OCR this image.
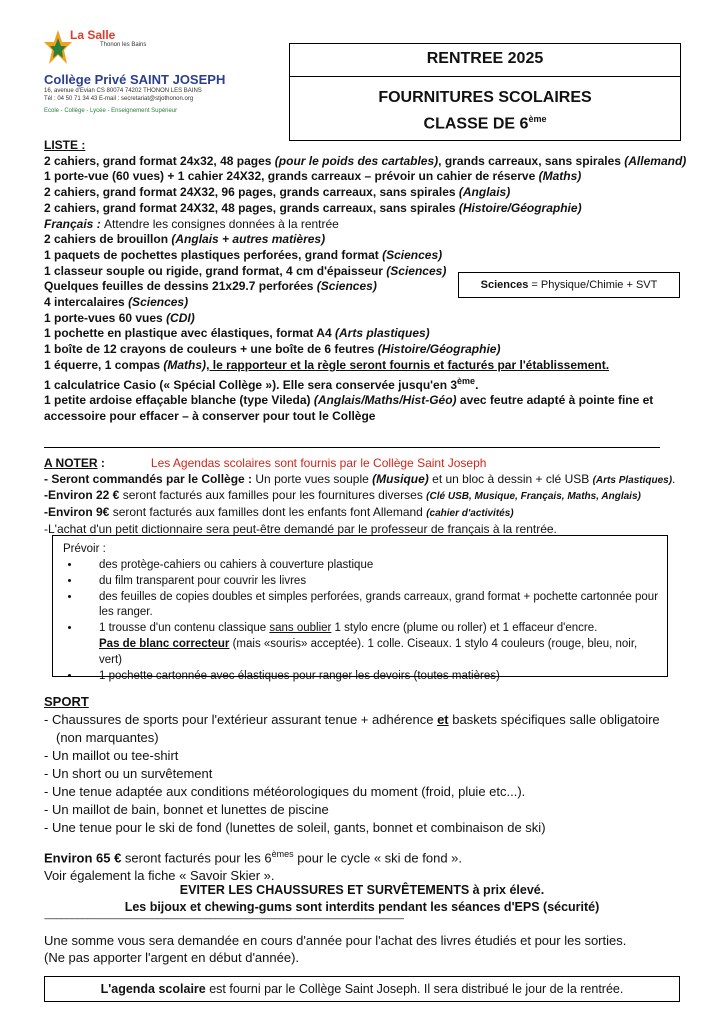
La Salle
Thonon les Bains
Collège Privé SAINT JOSEPH
16, avenue d'Evian CS 80074 74202 THONON LES BAINS
Tél : 04 50 71 34 43 E-mail : secretariat@stjothonon.org
Ecole - Collège - Lycée - Enseignement Supérieur
RENTREE 2025
FOURNITURES SCOLAIRES
CLASSE DE 6ème
LISTE :
2 cahiers, grand format 24x32, 48 pages (pour le poids des cartables), grands carreaux, sans spirales (Allemand)
1 porte-vue (60 vues) + 1 cahier 24X32, grands carreaux – prévoir un cahier de réserve (Maths)
2 cahiers, grand format 24X32, 96 pages, grands carreaux, sans spirales (Anglais)
2 cahiers, grand format 24X32, 48 pages, grands carreaux, sans spirales (Histoire/Géographie)
Français : Attendre les consignes données à la rentrée
2 cahiers de brouillon (Anglais + autres matières)
1 paquets de pochettes plastiques perforées, grand format (Sciences)
1 classeur souple ou rigide, grand format, 4 cm d'épaisseur (Sciences)
Quelques feuilles de dessins 21x29.7 perforées (Sciences)
4 intercalaires (Sciences)
1 porte-vues 60 vues (CDI)
1 pochette en plastique avec élastiques, format A4 (Arts plastiques)
1 boîte de 12 crayons de couleurs + une boîte de 6 feutres (Histoire/Géographie)
1 équerre, 1 compas (Maths), le rapporteur et la règle seront fournis et facturés par l'établissement.
1 calculatrice Casio (« Spécial Collège »). Elle sera conservée jusqu'en 3ème.
1 petite ardoise effaçable blanche (type Vileda) (Anglais/Maths/Hist-Géo) avec feutre adapté à pointe fine et
accessoire pour effacer – à conserver pour tout le Collège
Sciences = Physique/Chimie + SVT
A NOTER :	Les Agendas scolaires sont fournis par le Collège Saint Joseph
- Seront commandés par le Collège : Un porte vues souple (Musique) et un bloc à dessin + clé USB (Arts Plastiques).
-Environ 22 € seront facturés aux familles pour les fournitures diverses (Clé USB, Musique, Français, Maths, Anglais)
-Environ 9€ seront facturés aux familles dont les enfants font Allemand (cahier d'activités)
-L'achat d'un petit dictionnaire sera peut-être demandé par le professeur de français à la rentrée.
Prévoir :
• des protège-cahiers ou cahiers à couverture plastique
• du film transparent pour couvrir les livres
• des feuilles de copies doubles et simples perforées, grands carreaux, grand format + pochette cartonnée pour les ranger.
• 1 trousse d'un contenu classique sans oublier 1 stylo encre (plume ou roller) et 1 effaceur d'encre.
Pas de blanc correcteur (mais «souris» acceptée). 1 colle. Ciseaux. 1 stylo 4 couleurs (rouge, bleu, noir, vert)
• 1 pochette cartonnée avec élastiques pour ranger les devoirs (toutes matières)
SPORT
- Chaussures de sports pour l'extérieur assurant tenue + adhérence et baskets spécifiques salle obligatoire
(non marquantes)
- Un maillot ou tee-shirt
- Un short ou un survêtement
- Une tenue adaptée aux conditions météorologiques du moment (froid, pluie etc...).
- Un maillot de bain, bonnet et lunettes de piscine
- Une tenue pour le ski de fond (lunettes de soleil, gants, bonnet et combinaison de ski)
Environ 65 € seront facturés pour les 6èmes pour le cycle « ski de fond ».
Voir également la fiche « Savoir Skier ».
EVITER LES CHAUSSURES ET SURVÊTEMENTS à prix élevé.
Les bijoux et chewing-gums sont interdits pendant les séances d'EPS (sécurité)
------------------------------------------------------------------------------------------------------------------------------------------------------------------------------------------------------------------------
Une somme vous sera demandée en cours d'année pour l'achat des livres étudiés et pour les sorties.
(Ne pas apporter l'argent en début d'année).
L'agenda scolaire est fourni par le Collège Saint Joseph. Il sera distribué le jour de la rentrée.
